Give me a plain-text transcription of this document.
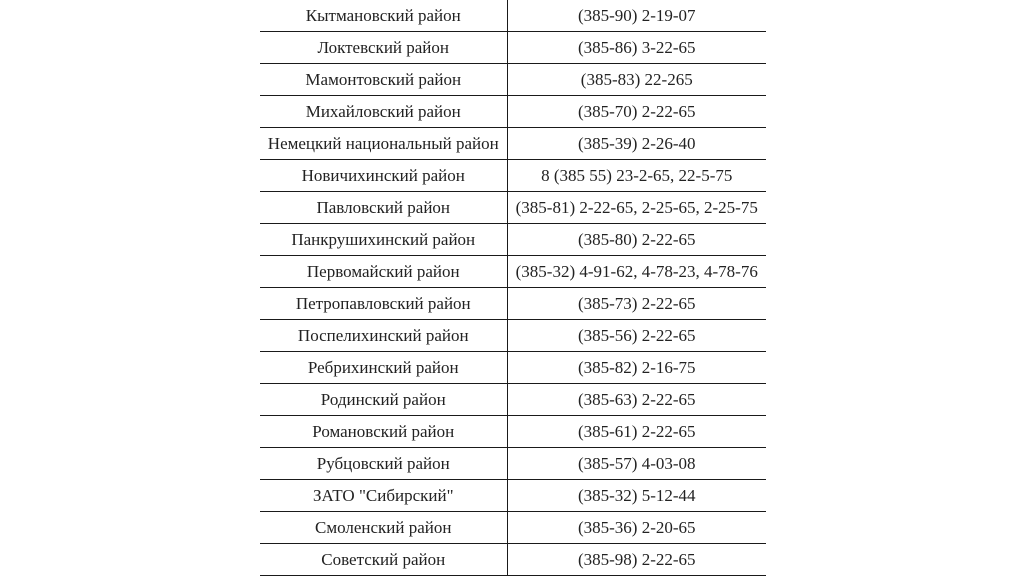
Кытмановский район	(385-90) 2-19-07
Локтевский район	(385-86) 3-22-65
Мамонтовский район	(385-83) 22-265
Михайловский район	(385-70) 2-22-65
Немецкий национальный район	(385-39) 2-26-40
Новичихинский район	8 (385 55) 23-2-65, 22-5-75
Павловский район	(385-81) 2-22-65, 2-25-65, 2-25-75
Панкрушихинский район	(385-80) 2-22-65
Первомайский район	(385-32) 4-91-62, 4-78-23, 4-78-76
Петропавловский район	(385-73) 2-22-65
Поспелихинский район	(385-56) 2-22-65
Ребрихинский район	(385-82) 2-16-75
Родинский район	(385-63) 2-22-65
Романовский район	(385-61) 2-22-65
Рубцовский район	(385-57) 4-03-08
ЗАТО "Сибирский"	(385-32) 5-12-44
Смоленский район	(385-36) 2-20-65
Советский район	(385-98) 2-22-65
